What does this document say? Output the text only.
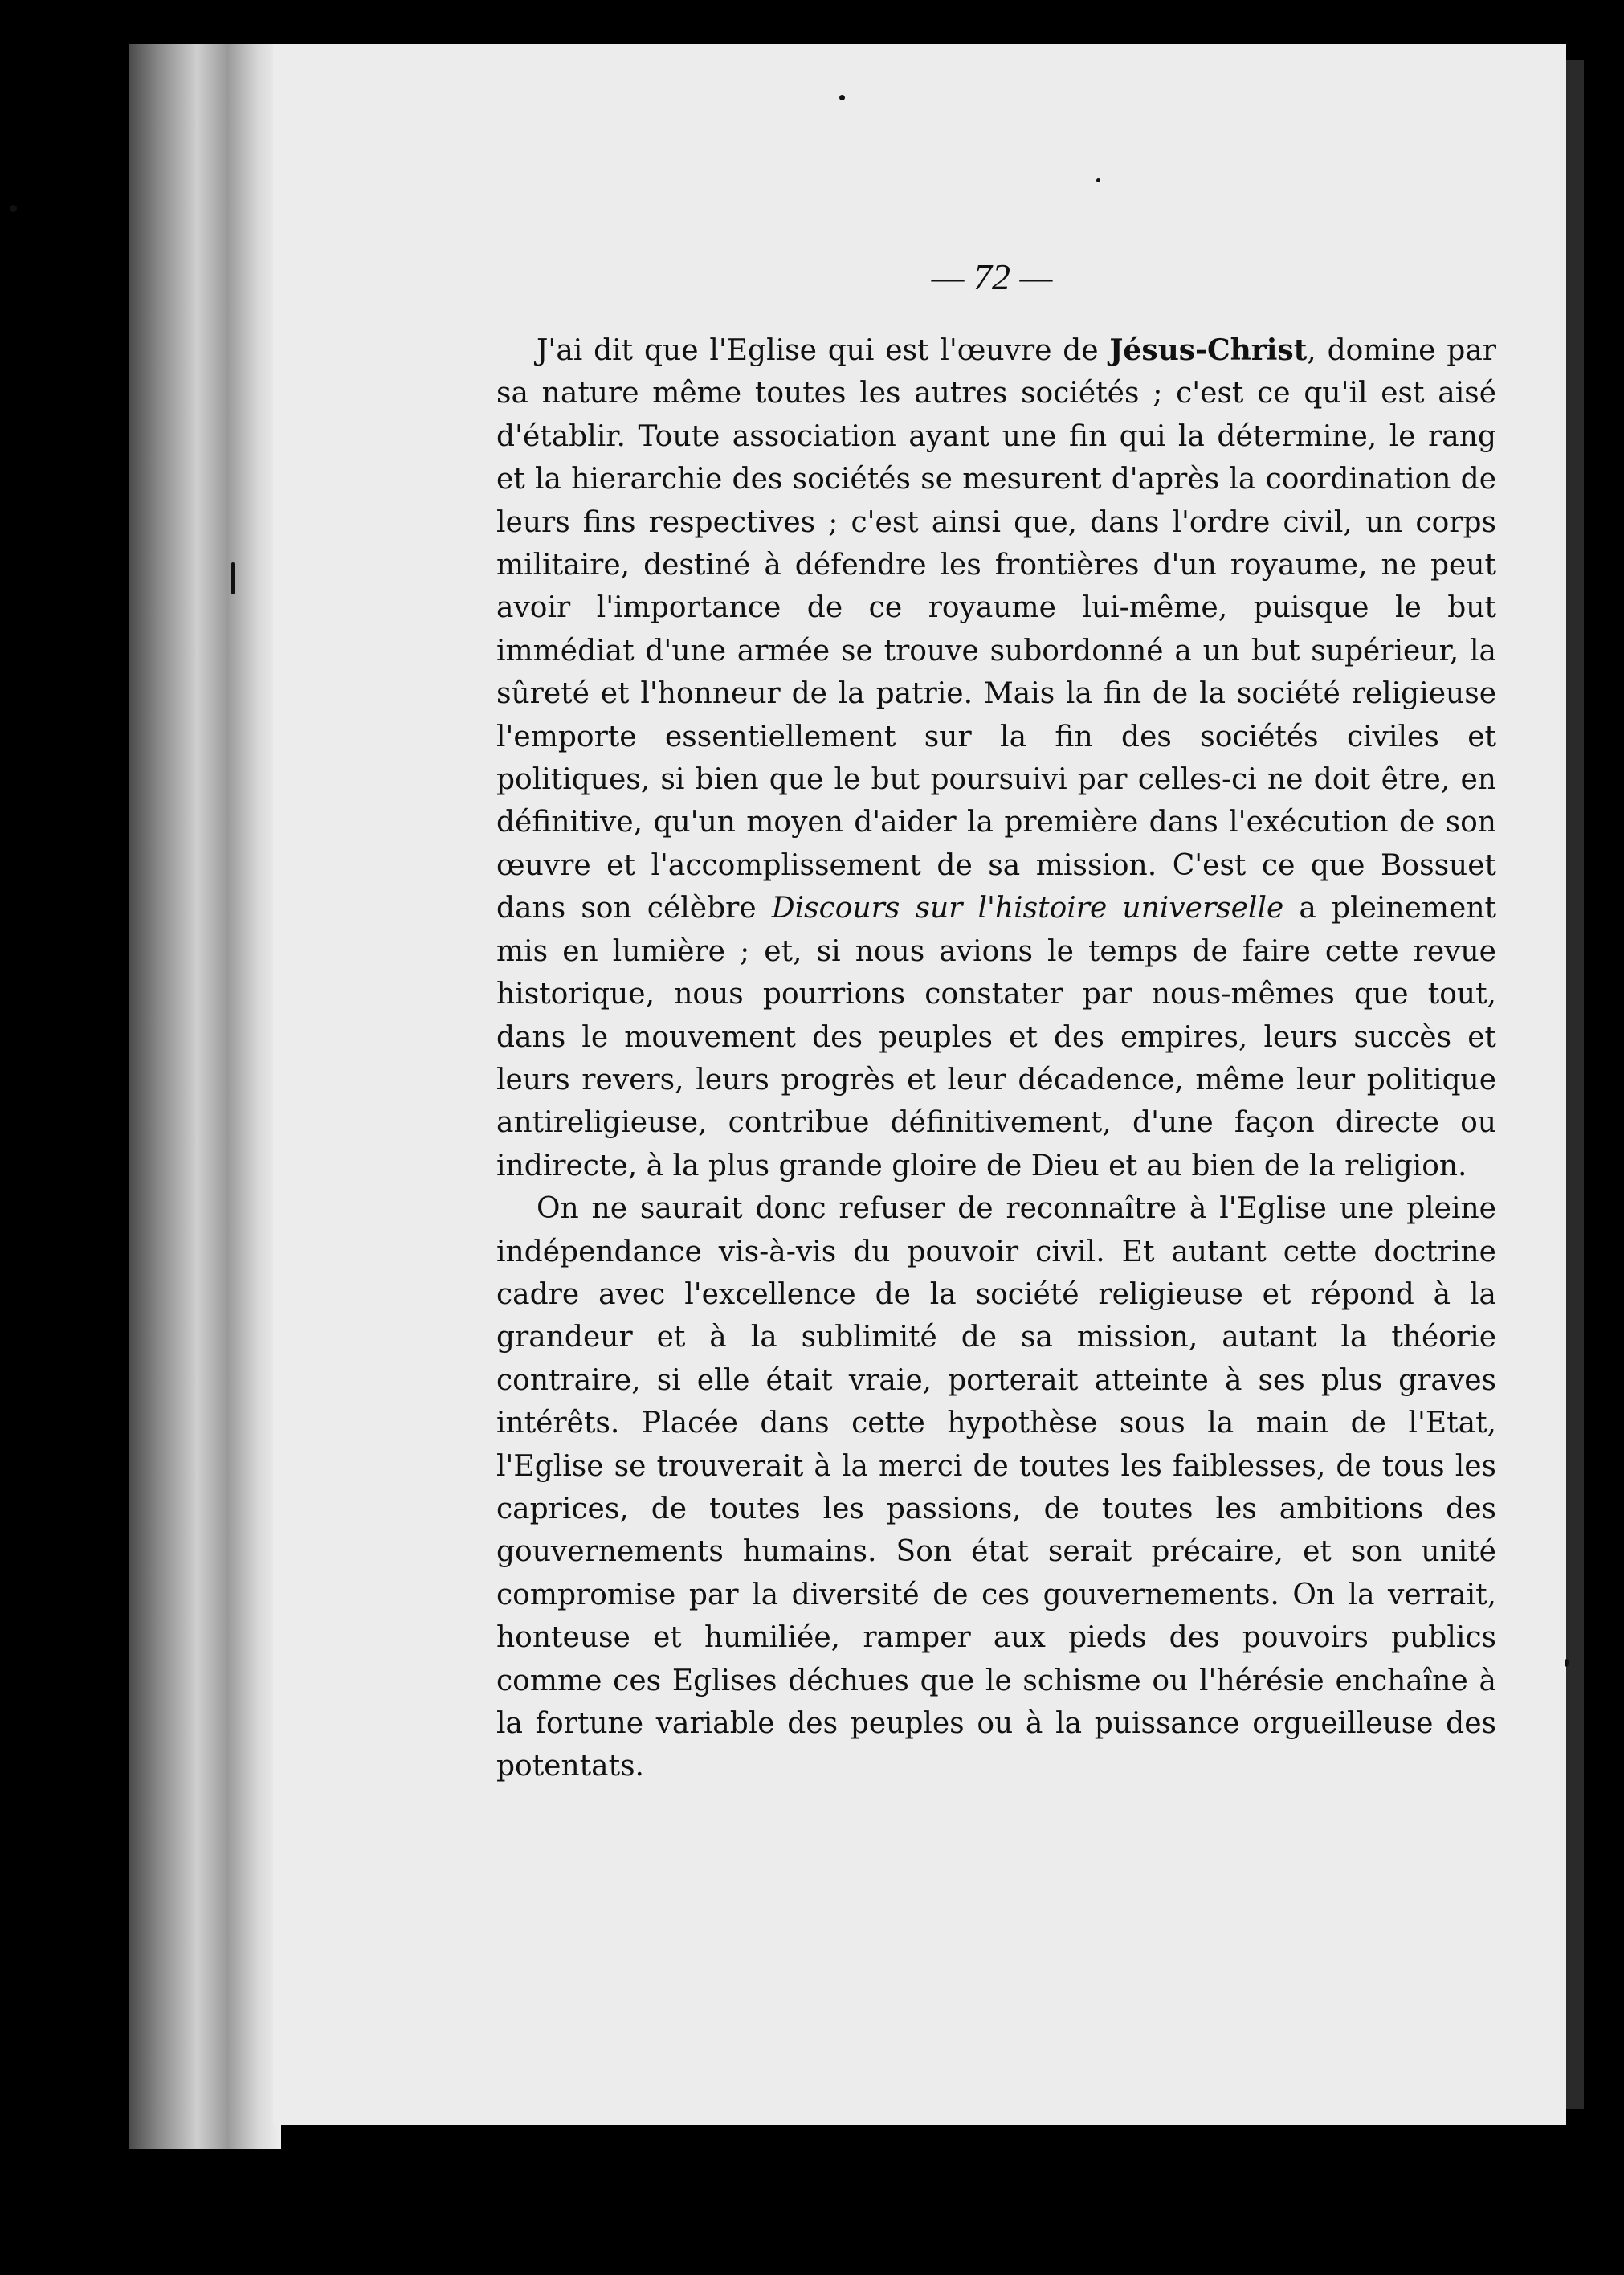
— 72 —

J'ai dit que l'Eglise qui est l'œuvre de Jésus-Christ, domine par sa nature même toutes les autres sociétés ; c'est ce qu'il est aisé d'établir. Toute association ayant une fin qui la détermine, le rang et la hierarchie des sociétés se mesurent d'après la coordination de leurs fins respectives ; c'est ainsi que, dans l'ordre civil, un corps militaire, destiné à défendre les frontières d'un royaume, ne peut avoir l'importance de ce royaume lui-même, puisque le but immédiat d'une armée se trouve subordonné a un but supérieur, la sûreté et l'honneur de la patrie. Mais la fin de la société religieuse l'emporte essentiellement sur la fin des sociétés civiles et politiques, si bien que le but poursuivi par celles-ci ne doit être, en définitive, qu'un moyen d'aider la première dans l'exécution de son œuvre et l'accomplissement de sa mission. C'est ce que Bossuet dans son célèbre Discours sur l'histoire universelle a pleinement mis en lumière ; et, si nous avions le temps de faire cette revue historique, nous pourrions constater par nous-mêmes que tout, dans le mouvement des peuples et des empires, leurs succès et leurs revers, leurs progrès et leur décadence, même leur politique antireligieuse, contribue définitivement, d'une façon directe ou indirecte, à la plus grande gloire de Dieu et au bien de la religion.

On ne saurait donc refuser de reconnaître à l'Eglise une pleine indépendance vis-à-vis du pouvoir civil. Et autant cette doctrine cadre avec l'excellence de la société religieuse et répond à la grandeur et à la sublimité de sa mission, autant la théorie contraire, si elle était vraie, porterait atteinte à ses plus graves intérêts. Placée dans cette hypothèse sous la main de l'Etat, l'Eglise se trouverait à la merci de toutes les faiblesses, de tous les caprices, de toutes les passions, de toutes les ambitions des gouvernements humains. Son état serait précaire, et son unité compromise par la diversité de ces gouvernements. On la verrait, honteuse et humiliée, ramper aux pieds des pouvoirs publics comme ces Eglises déchues que le schisme ou l'hérésie enchaîne à la fortune variable des peuples ou à la puissance orgueilleuse des potentats.
